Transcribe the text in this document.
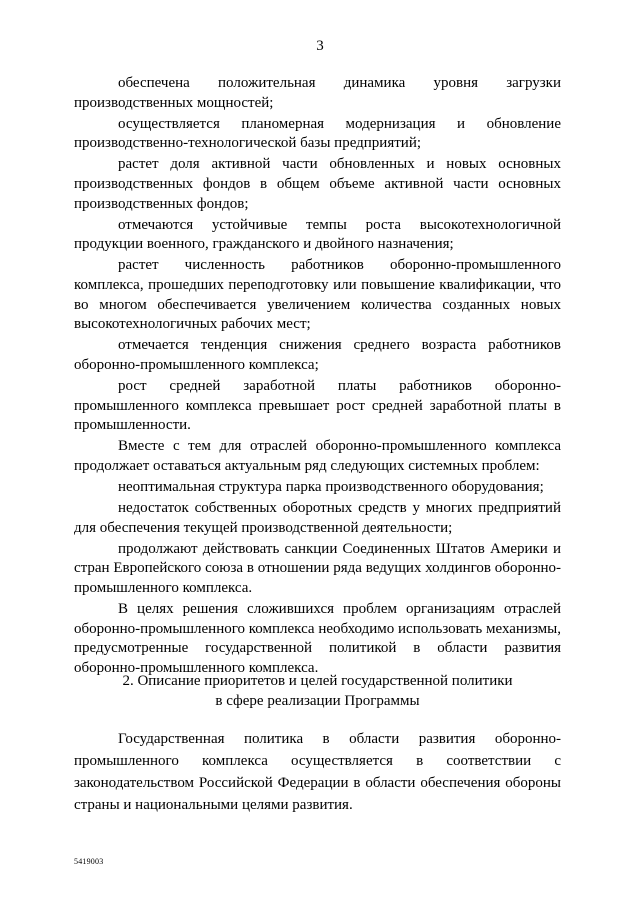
3

обеспечена положительная динамика уровня загрузки производственных мощностей;

осуществляется планомерная модернизация и обновление производственно-технологической базы предприятий;

растет доля активной части обновленных и новых основных производственных фондов в общем объеме активной части основных производственных фондов;

отмечаются устойчивые темпы роста высокотехнологичной продукции военного, гражданского и двойного назначения;

растет численность работников оборонно-промышленного комплекса, прошедших переподготовку или повышение квалификации, что во многом обеспечивается увеличением количества созданных новых высокотехнологичных рабочих мест;

отмечается тенденция снижения среднего возраста работников оборонно-промышленного комплекса;

рост средней заработной платы работников оборонно-промышленного комплекса превышает рост средней заработной платы в промышленности.

Вместе с тем для отраслей оборонно-промышленного комплекса продолжает оставаться актуальным ряд следующих системных проблем:

неоптимальная структура парка производственного оборудования;

недостаток собственных оборотных средств у многих предприятий для обеспечения текущей производственной деятельности;

продолжают действовать санкции Соединенных Штатов Америки и стран Европейского союза в отношении ряда ведущих холдингов оборонно-промышленного комплекса.

В целях решения сложившихся проблем организациям отраслей оборонно-промышленного комплекса необходимо использовать механизмы, предусмотренные государственной политикой в области развития оборонно-промышленного комплекса.

2. Описание приоритетов и целей государственной политики
в сфере реализации Программы

Государственная политика в области развития оборонно-промышленного комплекса осуществляется в соответствии с законодательством Российской Федерации в области обеспечения обороны страны и национальными целями развития.

5419003
